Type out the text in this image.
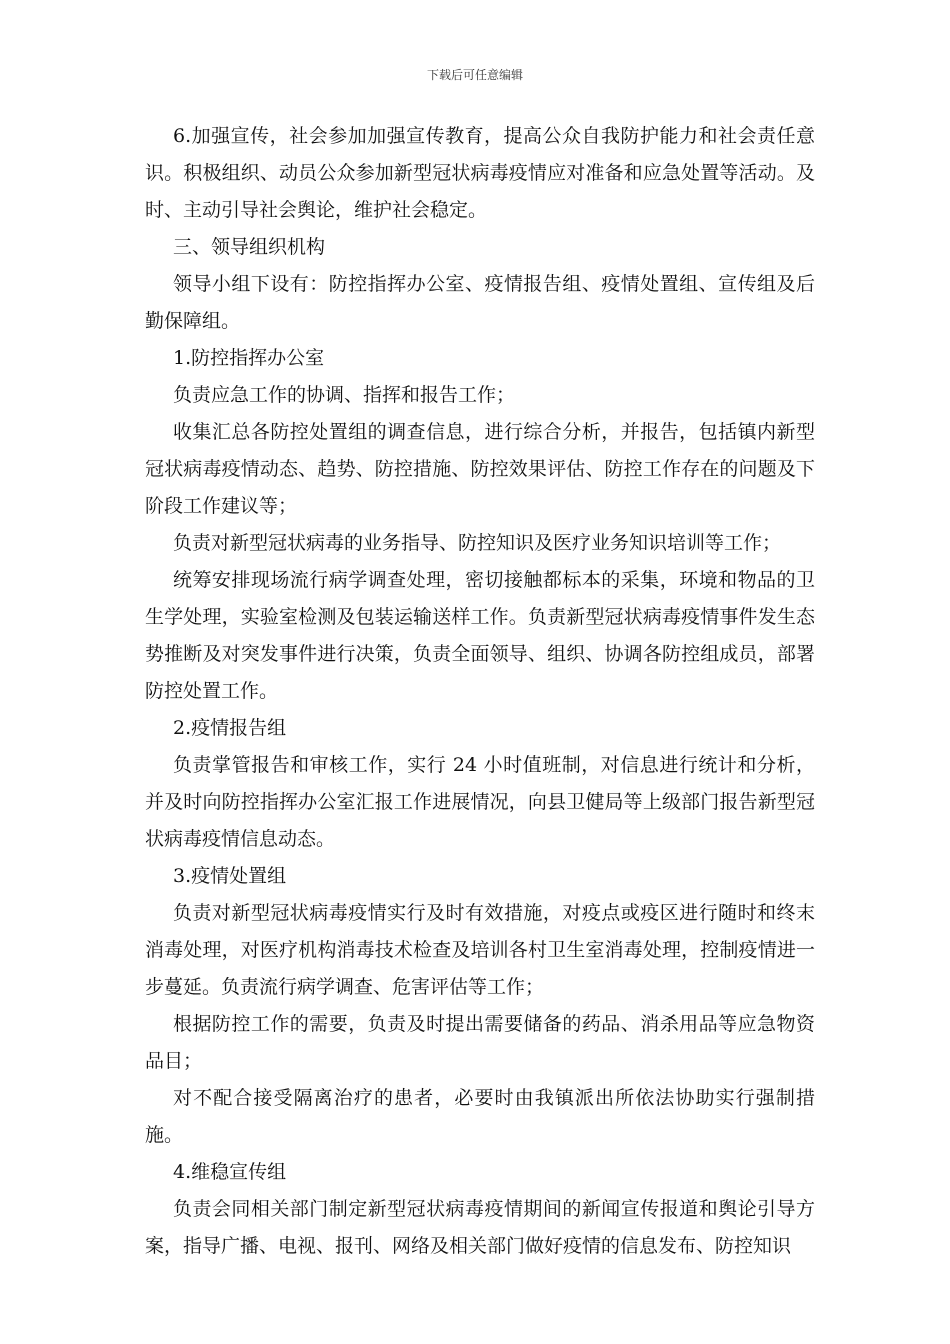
下载后可任意编辑

6.加强宣传，社会参加加强宣传教育，提高公众自我防护能力和社会责任意识。积极组织、动员公众参加新型冠状病毒疫情应对准备和应急处置等活动。及时、主动引导社会舆论，维护社会稳定。

三、领导组织机构

领导小组下设有：防控指挥办公室、疫情报告组、疫情处置组、宣传组及后勤保障组。

1.防控指挥办公室

负责应急工作的协调、指挥和报告工作；

收集汇总各防控处置组的调查信息，进行综合分析，并报告，包括镇内新型冠状病毒疫情动态、趋势、防控措施、防控效果评估、防控工作存在的问题及下阶段工作建议等；

负责对新型冠状病毒的业务指导、防控知识及医疗业务知识培训等工作；

统筹安排现场流行病学调查处理，密切接触都标本的采集，环境和物品的卫生学处理，实验室检测及包装运输送样工作。负责新型冠状病毒疫情事件发生态势推断及对突发事件进行决策，负责全面领导、组织、协调各防控组成员，部署防控处置工作。

2.疫情报告组

负责掌管报告和审核工作，实行 24 小时值班制，对信息进行统计和分析，并及时向防控指挥办公室汇报工作进展情况，向县卫健局等上级部门报告新型冠状病毒疫情信息动态。

3.疫情处置组

负责对新型冠状病毒疫情实行及时有效措施，对疫点或疫区进行随时和终末消毒处理，对医疗机构消毒技术检查及培训各村卫生室消毒处理，控制疫情进一步蔓延。负责流行病学调查、危害评估等工作；

根据防控工作的需要，负责及时提出需要储备的药品、消杀用品等应急物资品目；

对不配合接受隔离治疗的患者，必要时由我镇派出所依法协助实行强制措施。

4.维稳宣传组

负责会同相关部门制定新型冠状病毒疫情期间的新闻宣传报道和舆论引导方案，指导广播、电视、报刊、网络及相关部门做好疫情的信息发布、防控知识
